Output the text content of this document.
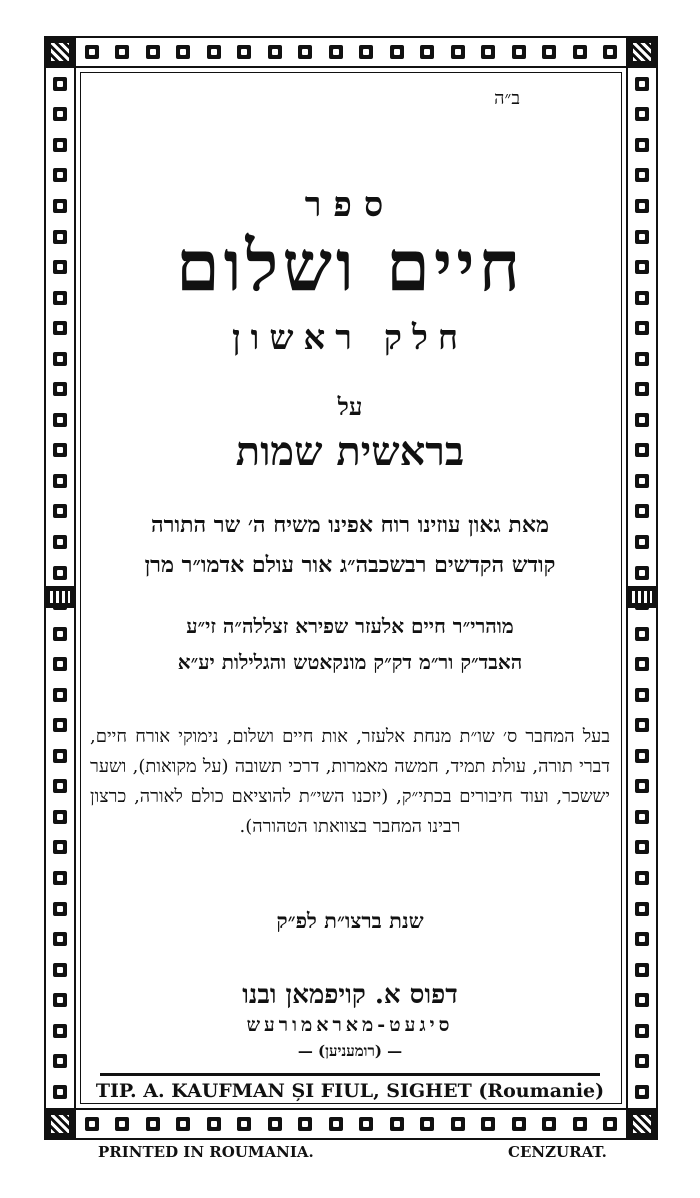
ב״ה
ספר
חיים ושלום
חלק ראשון
על
בראשית שמות
מאת גאון עוזינו רוח אפינו משיח ה׳ שר התורה
קודש הקדשים רבשכבה״ג אור עולם אדמו״ר מרן
מוהרי״ר חיים אלעזר שפירא זצללה״ה זי״ע
האבד״ק ור״מ דק״ק מונקאטש והגלילות יע״א
בעל המחבר ס׳ שו״ת מנחת אלעזר, אות חיים ושלום, נימוקי אורח חיים, דברי תורה, עולת תמיד, חמשה מאמרות, דרכי תשובה (על מקואות), ושער יששכר, ועוד חיבורים בכתי״ק, (יזכנו השי״ת להוציאם כולם לאורה, כרצון רבינו המחבר בצוואתו הטהורה).
שנת ברצו״ת לפ״ק
דפוס א. קויפמאן ובנו
סיגעט-מאראמורעש
— (רומעניען) —
TIP. A. KAUFMAN ȘI FIUL, SIGHET (Roumanie)
PRINTED IN ROUMANIA.	CENZURAT.
